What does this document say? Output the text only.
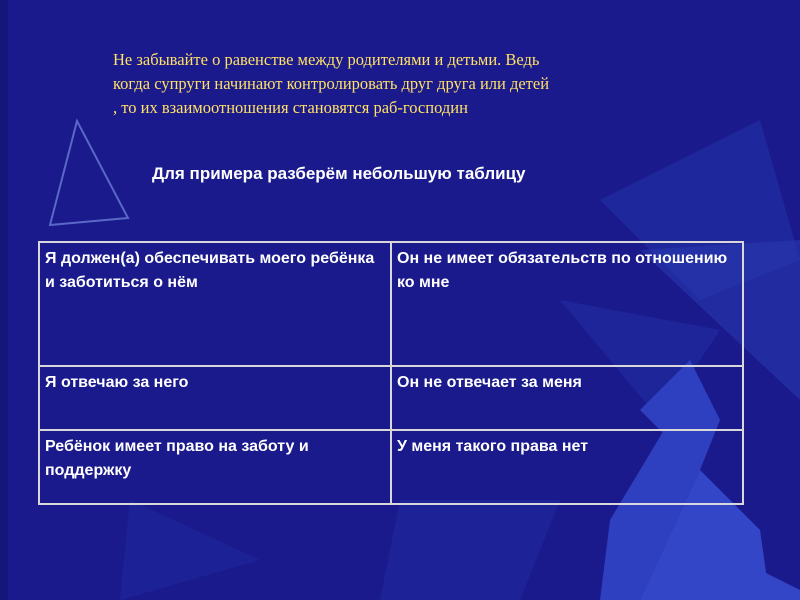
Не забывайте о равенстве между родителями и детьми. Ведь
когда супруги начинают контролировать друг друга или детей
, то их взаимоотношения становятся раб-господин

Для примера разберём небольшую таблицу

Я должен(а) обеспечивать моего ребёнка и заботиться о нём	Он не имеет обязательств по отношению ко мне
Я отвечаю за него	Он не отвечает за меня
Ребёнок имеет право на заботу и поддержку	У меня такого права нет
